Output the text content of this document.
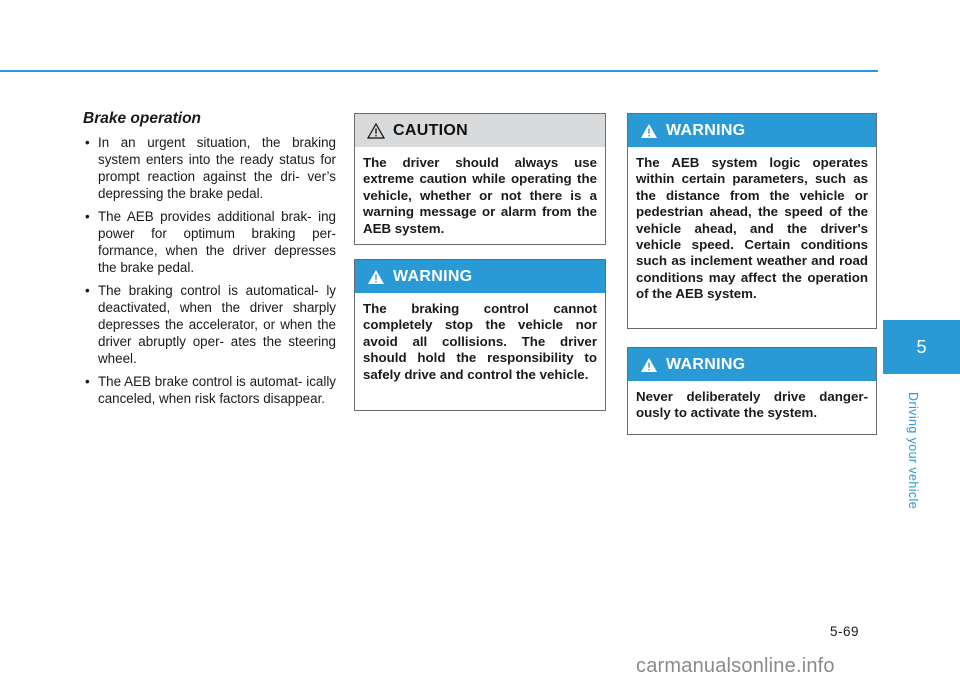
Brake operation
• In an urgent situation, the braking system enters into the ready status for prompt reaction against the dri- ver’s depressing the brake pedal.
• The AEB provides additional brak- ing power for optimum braking per- formance, when the driver depresses the brake pedal.
• The braking control is automatical- ly deactivated, when the driver sharply depresses the accelerator, or when the driver abruptly oper- ates the steering wheel.
• The AEB brake control is automat- ically canceled, when risk factors disappear.
CAUTION
The driver should always use extreme caution while operating the vehicle, whether or not there is a warning message or alarm from the AEB system.
WARNING
The braking control cannot completely stop the vehicle nor avoid all collisions. The driver should hold the responsibility to safely drive and control the vehicle.
WARNING
The AEB system logic operates within certain parameters, such as the distance from the vehicle or pedestrian ahead, the speed of the vehicle ahead, and the driver's vehicle speed. Certain conditions such as inclement weather and road conditions may affect the operation of the AEB system.
WARNING
Never deliberately drive danger- ously to activate the system.
5
Driving your vehicle
5-69
carmanualsonline.info
